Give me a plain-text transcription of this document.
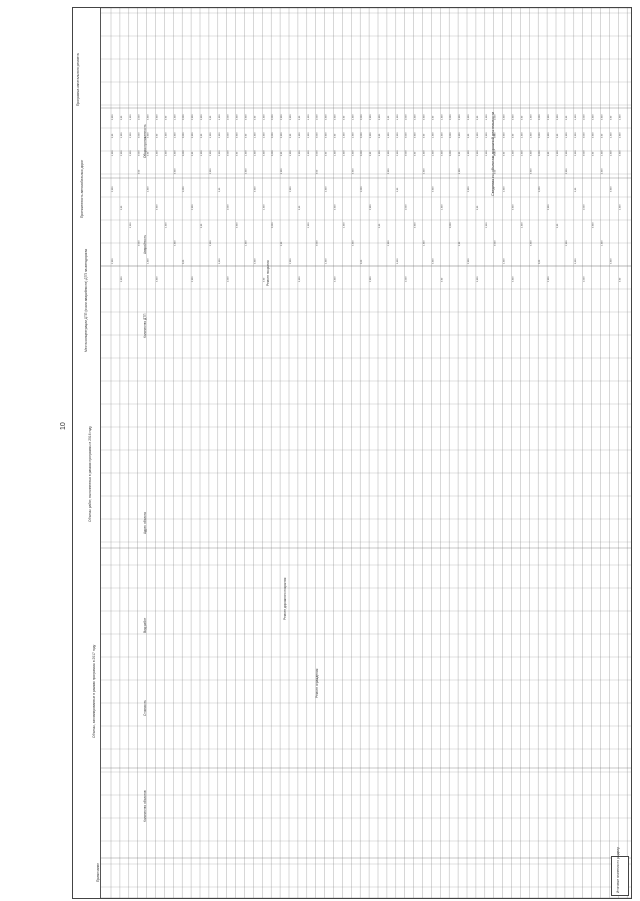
10
Программа капитального ремонта
Протяженность автомобильных дорог
Места концентрации ДТП (очаги аварийности) ДТП на автодорогах
Объемы работ, выполненных в рамках программы в 2016 году
Объемы, запланированные в рамках программы в 2017 году
Примечание
0,000
0,00
1,000
3,000
2,000
0,00
1,000
2,000
0,00
0,000
1,000
2,000
3,000
2,000
2,000
3,000
0,000
0,00
0,000
3,000
0,000
0,00
2,000
1,000
0,000
0,00
1,000
0,000
3,000
0,00
1,000
2,000
1,000
1,000
2,000
3,000
0,000
3,000
2,000
3,000
0,000
1,000
0,00
3,000
0,000
0,00
3,000
2,000
0,000
0,00
1,000
0,00
0,00
1,000
2,000
3,000
2,000
1,000
2,000
3,000
0,00
0,000
2,000
3,000
0,000
2,000
1,000
3,000
0,000
0,00
0,000
0,000
0,00
1,000
2,000
1,000
0,00
1,000
2,000
0,000
3,000
1,000
2,000
3,000
1,000
0,00
2,000
3,000
0,000
3,000
3,000
0,000
0,00
1,000
0,00
0,000
0,00
1,000
3,000
2,000
0,00
1,000
2,000
0,00
0,000
1,000
2,000
3,000
2,000
2,000
3,000
0,000
0,00
0,000
3,000
0,000
0,00
2,000
1,000
0,000
0,00
1,000
0,000
3,000
0,00
1,000
2,000
1,000
1,000
2,000
3,000
0,000
3,000
2,000
3,000
0,000
1,000
0,00
3,000
0,000
0,00
3,000
2,000
0,000
0,00
1,000
0,00
0,00
1,000
2,000
3,000
2,000
1,000
2,000
3,000
0,00
0,000
2,000
3,000
0,000
2,000
1,000
3,000
0,000
0,00
0,000
0,000
0,00
1,000
2,000
1,000
0,00
1,000
2,000
0,000
3,000
1,000
2,000
3,000
1,000
0,00
2,000
3,000
0,000
3,000
3,000
0,000
0,00
1,000
0,00
0,000
0,00
1,000
3,000
2,000
0,00
1,000
2,000
0,00
0,000
1,000
2,000
3,000
2,000
2,000
3,000
0,000
0,00
0,000
3,000
0,000
0,00
2,000
1,000
0,000
0,00
1,000
0,000
3,000
0,00
1,000
2,000
1,000
1,000
2,000
3,000
0,000
3,000
2,000
3,000
0,000
1,000
0,00
3,000
0,000
0,00
3,000
2,000
0,000
0,00
1,000
0,00
0,00
1,000
2,000
3,000
2,000
1,000
2,000
3,000
0,00
0,000
2,000
3,000
0,000
2,000
1,000
3,000
0,000
0,00
0,000
0,000
0,00
1,000
2,000
1,000
0,00
1,000
2,000
0,000
3,000
1,000
2,000
3,000
1,000
0,00
Сведения по объектам дорожной деятельности
Ремонт покрытия
Ремонт дорожного покрытия
Ремонт ограждения
Общая протяженность
Аварийность
Количество ДТП
Адрес объекта
Вид работ
Стоимость
Количество объектов
Итоговые значения по разделу
